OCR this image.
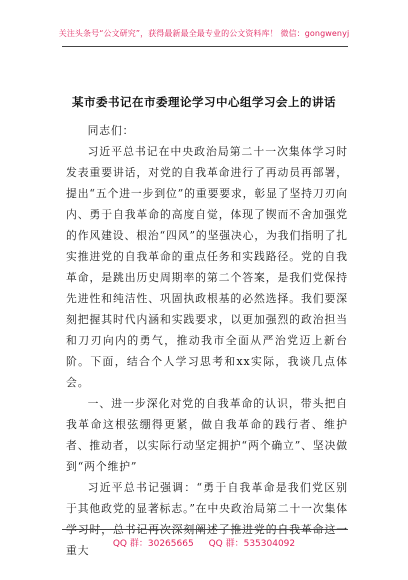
关注头条号“公文研究”，获得最新最全最专业的公文资料库！ 微信：gongwenyj
某市委书记在市委理论学习中心组学习会上的讲话

同志们：

习近平总书记在中央政治局第二十一次集体学习时发表重要讲话，对党的自我革命进行了再动员再部署，提出“五个进一步到位”的重要要求，彰显了坚持刀刃向内、勇于自我革命的高度自觉，体现了锲而不舍加强党的作风建设、根治“四风”的坚强决心，为我们指明了扎实推进党的自我革命的重点任务和实践路径。党的自我革命，是跳出历史周期率的第二个答案，是我们党保持先进性和纯洁性、巩固执政根基的必然选择。我们要深刻把握其时代内涵和实践要求，以更加强烈的政治担当和刀刃向内的勇气，推动我市全面从严治党迈上新台阶。下面，结合个人学习思考和xx实际，我谈几点体会。

一、进一步深化对党的自我革命的认识，带头把自我革命这根弦绷得更紧，做自我革命的践行者、维护者、推动者，以实际行动坚定拥护“两个确立”、坚决做到“两个维护”

习近平总书记强调：“勇于自我革命是我们党区别于其他政党的显著标志。”在中央政治局第二十一次集体学习时，总书记再次深刻阐述了推进党的自我革命这一重大	QQ 群：30265665 QQ 群：535304092
